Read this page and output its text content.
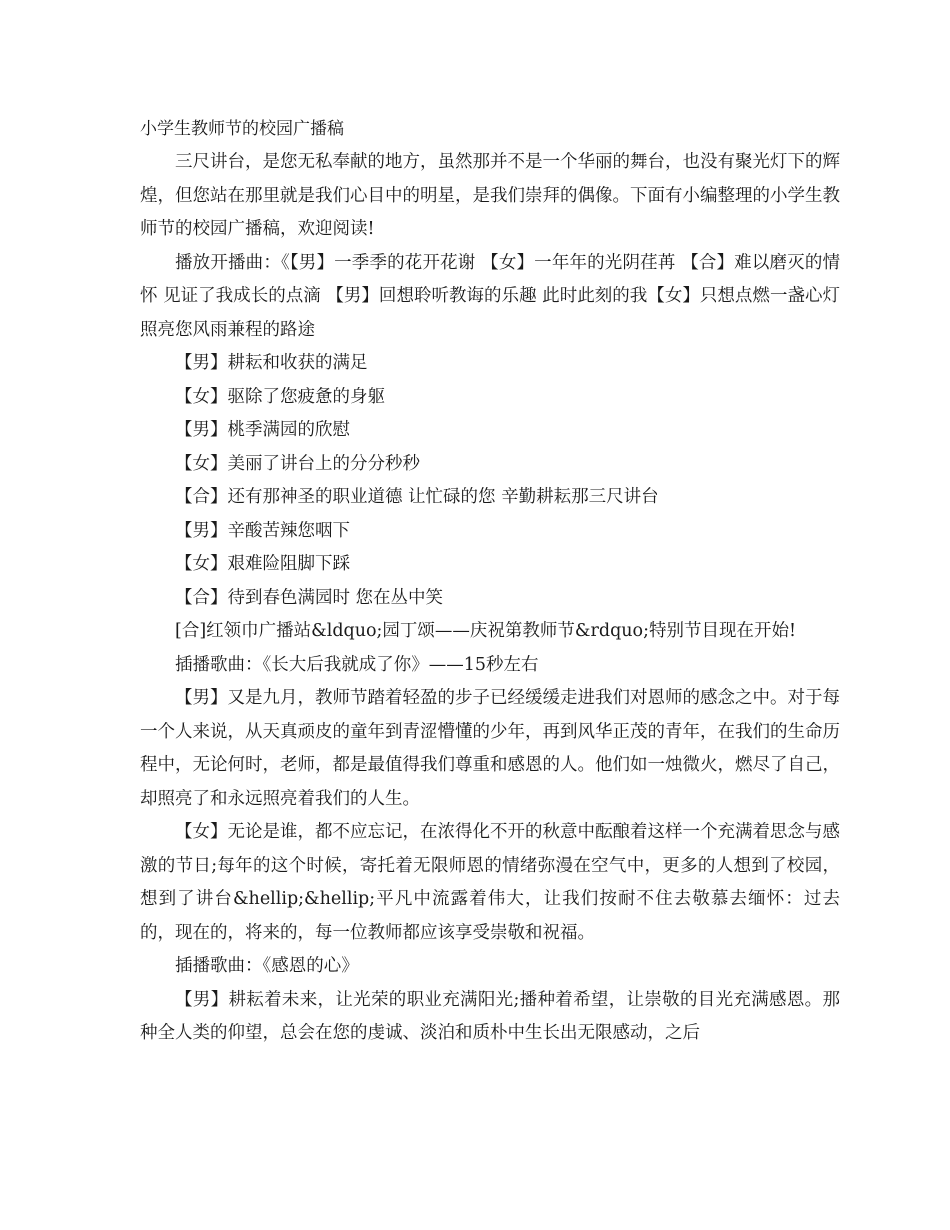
小学生教师节的校园广播稿

三尺讲台，是您无私奉献的地方，虽然那并不是一个华丽的舞台，也没有聚光灯下的辉煌，但您站在那里就是我们心目中的明星，是我们崇拜的偶像。下面有小编整理的小学生教师节的校园广播稿，欢迎阅读!

播放开播曲：《【男】一季季的花开花谢 【女】一年年的光阴荏苒 【合】难以磨灭的情怀 见证了我成长的点滴 【男】回想聆听教诲的乐趣 此时此刻的我【女】只想点燃一盏心灯 照亮您风雨兼程的路途

【男】耕耘和收获的满足

【女】驱除了您疲惫的身躯

【男】桃季满园的欣慰

【女】美丽了讲台上的分分秒秒

【合】还有那神圣的职业道德 让忙碌的您 辛勤耕耘那三尺讲台

【男】辛酸苦辣您咽下

【女】艰难险阻脚下踩

【合】待到春色满园时 您在丛中笑

[合]红领巾广播站&ldquo;园丁颂——庆祝第教师节&rdquo;特别节目现在开始!

插播歌曲：《长大后我就成了你》——15秒左右

【男】又是九月，教师节踏着轻盈的步子已经缓缓走进我们对恩师的感念之中。对于每一个人来说，从天真顽皮的童年到青涩懵懂的少年，再到风华正茂的青年，在我们的生命历程中，无论何时，老师，都是最值得我们尊重和感恩的人。他们如一烛微火，燃尽了自己，却照亮了和永远照亮着我们的人生。

【女】无论是谁，都不应忘记，在浓得化不开的秋意中酝酿着这样一个充满着思念与感激的节日;每年的这个时候，寄托着无限师恩的情绪弥漫在空气中，更多的人想到了校园，想到了讲台&hellip;&hellip;平凡中流露着伟大，让我们按耐不住去敬慕去缅怀：过去的，现在的，将来的，每一位教师都应该享受崇敬和祝福。

插播歌曲：《感恩的心》

【男】耕耘着未来，让光荣的职业充满阳光;播种着希望，让崇敬的目光充满感恩。那种全人类的仰望，总会在您的虔诚、淡泊和质朴中生长出无限感动，之后
